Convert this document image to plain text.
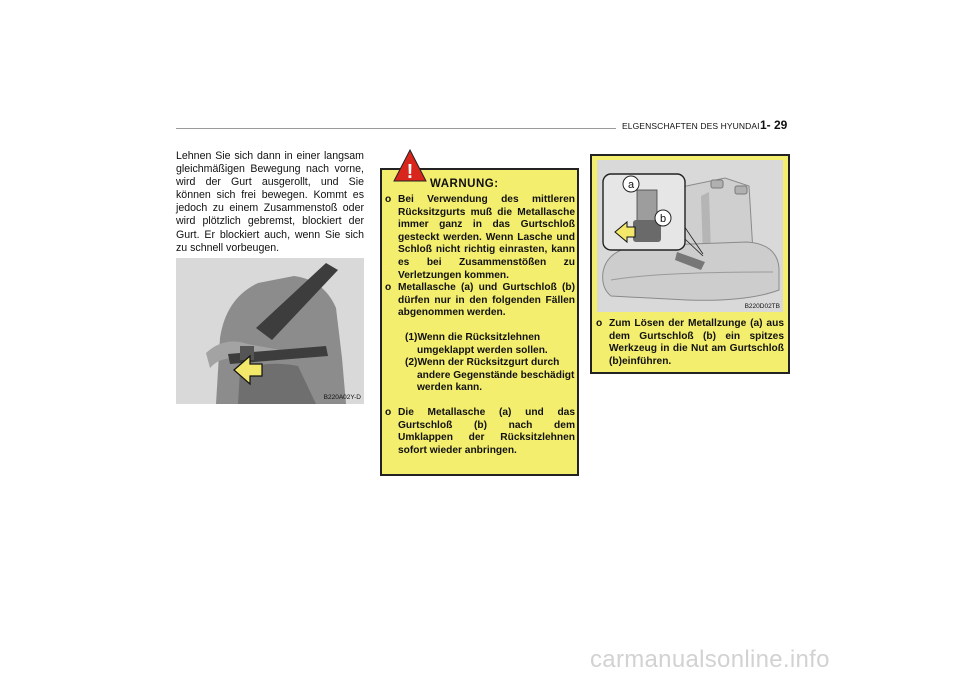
ELGENSCHAFTEN DES HYUNDAI 1- 29

Lehnen Sie sich dann in einer langsam gleichmäßigen Bewegung nach vorne, wird der Gurt ausgerollt, und Sie können sich frei bewegen. Kommt es jedoch zu einem Zusammenstoß oder wird plötzlich gebremst, blockiert der Gurt. Er blockiert auch, wenn Sie sich zu schnell vorbeugen.

B220A02Y-D
!
WARNUNG:
o Bei Verwendung des mittleren Rücksitzgurts muß die Metallasche immer ganz in das Gurtschloß gesteckt werden. Wenn Lasche und Schloß nicht richtig einrasten, kann es bei Zusammenstößen zu Verletzungen kommen.
o Metallasche (a) und Gurtschloß (b) dürfen nur in den folgenden Fällen abgenommen werden.
(1)Wenn die Rücksitzlehnen umgeklappt werden sollen.
(2)Wenn der Rücksitzgurt durch andere Gegenstände beschädigt werden kann.
o Die Metallasche (a) und das Gurtschloß (b) nach dem Umklappen der Rücksitzlehnen sofort wieder anbringen.
a
b
B220D02TB
o Zum Lösen der Metallzunge (a) aus dem Gurtschloß (b) ein spitzes Werkzeug in die Nut am Gurtschloß (b)einführen.
carmanualsonline.info
